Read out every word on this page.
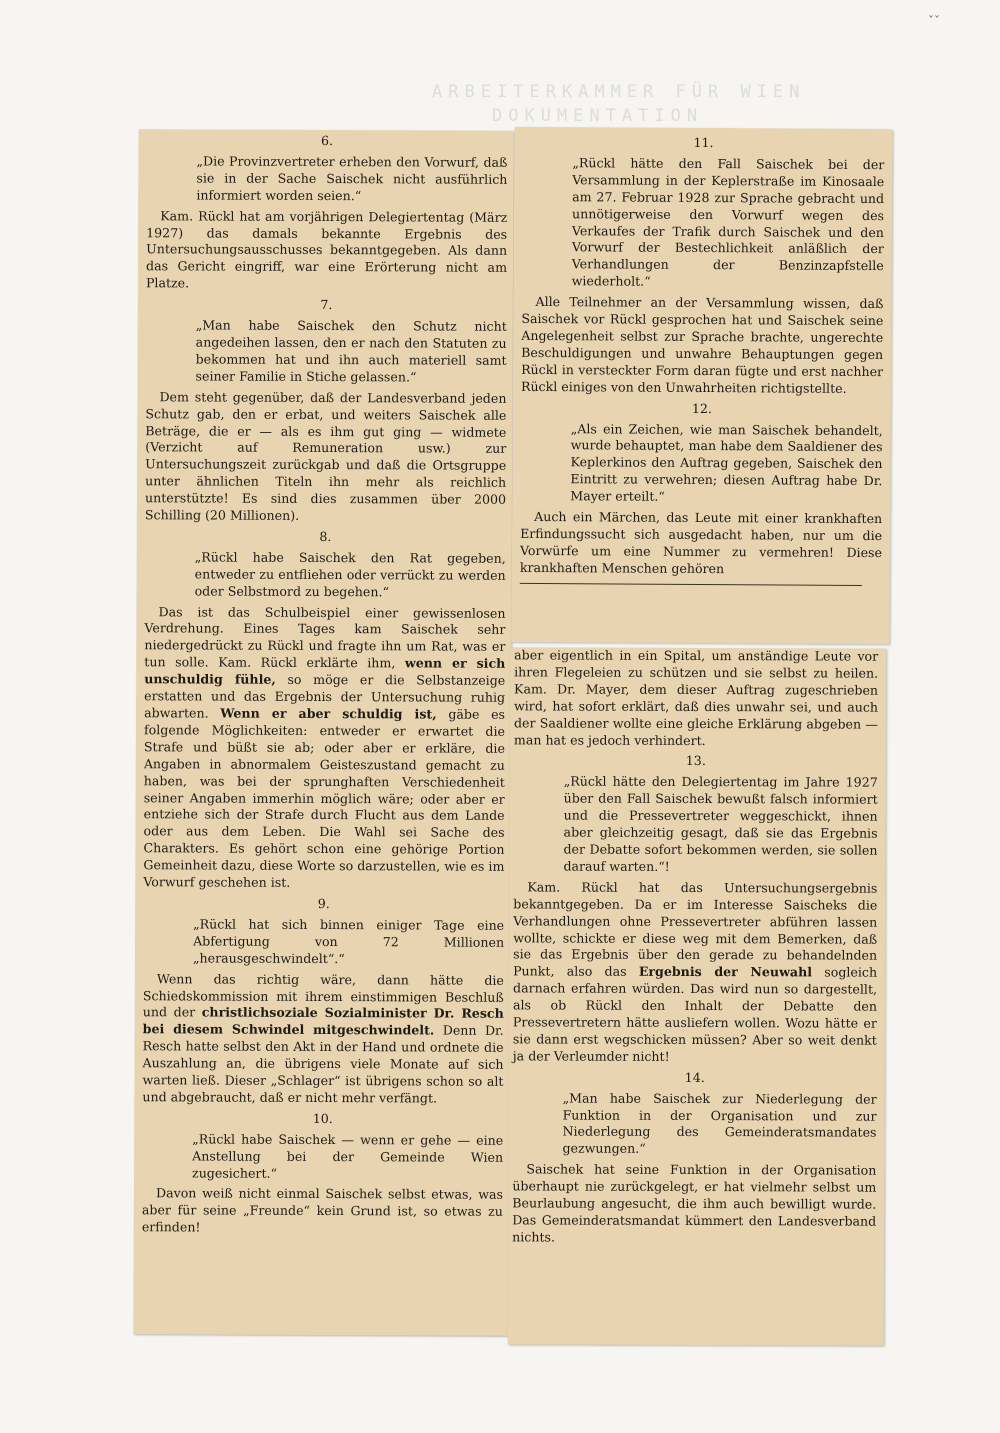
ARBEITERKAMMER FÜR WIEN
DOKUMENTATION
ˇˇ
6.
„Die Provinzvertreter erheben den Vorwurf, daß sie in der Sache Saischek nicht ausführlich informiert worden seien.“
Kam. Rückl hat am vorjährigen Delegiertentag (März 1927) das damals bekannte Ergebnis des Untersuchungsausschusses bekanntgegeben. Als dann das Gericht eingriff, war eine Erörterung nicht am Platze.
7.
„Man habe Saischek den Schutz nicht angedeihen lassen, den er nach den Statuten zu bekommen hat und ihn auch materiell samt seiner Familie in Stiche gelassen.“
Dem steht gegenüber, daß der Landesverband jeden Schutz gab, den er erbat, und weiters Saischek alle Beträge, die er — als es ihm gut ging — widmete (Verzicht auf Remuneration usw.) zur Untersuchungszeit zurückgab und daß die Ortsgruppe unter ähnlichen Titeln ihn mehr als reichlich unterstützte! Es sind dies zusammen über 2000 Schilling (20 Millionen).
8.
„Rückl habe Saischek den Rat gegeben, entweder zu entfliehen oder verrückt zu werden oder Selbstmord zu begehen.“
Das ist das Schulbeispiel einer gewissenlosen Verdrehung. Eines Tages kam Saischek sehr niedergedrückt zu Rückl und fragte ihn um Rat, was er tun solle. Kam. Rückl erklärte ihm, wenn er sich unschuldig fühle, so möge er die Selbstanzeige erstatten und das Ergebnis der Untersuchung ruhig abwarten. Wenn er aber schuldig ist, gäbe es folgende Möglichkeiten: entweder er erwartet die Strafe und büßt sie ab; oder aber er erkläre, die Angaben in abnormalem Geisteszustand gemacht zu haben, was bei der sprunghaften Verschiedenheit seiner Angaben immerhin möglich wäre; oder aber er entziehe sich der Strafe durch Flucht aus dem Lande oder aus dem Leben. Die Wahl sei Sache des Charakters. Es gehört schon eine gehörige Portion Gemeinheit dazu, diese Worte so darzustellen, wie es im Vorwurf geschehen ist.
9.
„Rückl hat sich binnen einiger Tage eine Abfertigung von 72 Millionen „herausgeschwindelt“.“
Wenn das richtig wäre, dann hätte die Schiedskommission mit ihrem einstimmigen Beschluß und der christlichsoziale Sozialminister Dr. Resch bei diesem Schwindel mitgeschwindelt. Denn Dr. Resch hatte selbst den Akt in der Hand und ordnete die Auszahlung an, die übrigens viele Monate auf sich warten ließ. Dieser „Schlager“ ist übrigens schon so alt und abgebraucht, daß er nicht mehr verfängt.
10.
„Rückl habe Saischek — wenn er gehe — eine Anstellung bei der Gemeinde Wien zugesichert.“
Davon weiß nicht einmal Saischek selbst etwas, was aber für seine „Freunde“ kein Grund ist, so etwas zu erfinden!
11.
„Rückl hätte den Fall Saischek bei der Versammlung in der Keplerstraße im Kinosaale am 27. Februar 1928 zur Sprache gebracht und unnötigerweise den Vorwurf wegen des Verkaufes der Trafik durch Saischek und den Vorwurf der Bestechlichkeit anläßlich der Verhandlungen der Benzinzapfstelle wiederholt.“
Alle Teilnehmer an der Versammlung wissen, daß Saischek vor Rückl gesprochen hat und Saischek seine Angelegenheit selbst zur Sprache brachte, ungerechte Beschuldigungen und unwahre Behauptungen gegen Rückl in versteckter Form daran fügte und erst nachher Rückl einiges von den Unwahrheiten richtigstellte.
12.
„Als ein Zeichen, wie man Saischek behandelt, wurde behauptet, man habe dem Saaldiener des Keplerkinos den Auftrag gegeben, Saischek den Eintritt zu verwehren; diesen Auftrag habe Dr. Mayer erteilt.“
Auch ein Märchen, das Leute mit einer krankhaften Erfindungssucht sich ausgedacht haben, nur um die Vorwürfe um eine Nummer zu vermehren! Diese krankhaften Menschen gehören
aber eigentlich in ein Spital, um anständige Leute vor ihren Flegeleien zu schützen und sie selbst zu heilen. Kam. Dr. Mayer, dem dieser Auftrag zugeschrieben wird, hat sofort erklärt, daß dies unwahr sei, und auch der Saaldiener wollte eine gleiche Erklärung abgeben — man hat es jedoch verhindert.
13.
„Rückl hätte den Delegiertentag im Jahre 1927 über den Fall Saischek bewußt falsch informiert und die Pressevertreter weggeschickt, ihnen aber gleichzeitig gesagt, daß sie das Ergebnis der Debatte sofort bekommen werden, sie sollen darauf warten.“!
Kam. Rückl hat das Untersuchungsergebnis bekanntgegeben. Da er im Interesse Saischeks die Verhandlungen ohne Pressevertreter abführen lassen wollte, schickte er diese weg mit dem Bemerken, daß sie das Ergebnis über den gerade zu behandelnden Punkt, also das Ergebnis der Neuwahl sogleich darnach erfahren würden. Das wird nun so dargestellt, als ob Rückl den Inhalt der Debatte den Pressevertretern hätte ausliefern wollen. Wozu hätte er sie dann erst wegschicken müssen? Aber so weit denkt ja der Verleumder nicht!
14.
„Man habe Saischek zur Niederlegung der Funktion in der Organisation und zur Niederlegung des Gemeinderatsmandates gezwungen.“
Saischek hat seine Funktion in der Organisation überhaupt nie zurückgelegt, er hat vielmehr selbst um Beurlaubung angesucht, die ihm auch bewilligt wurde. Das Gemeinderatsmandat kümmert den Landesverband nichts.
